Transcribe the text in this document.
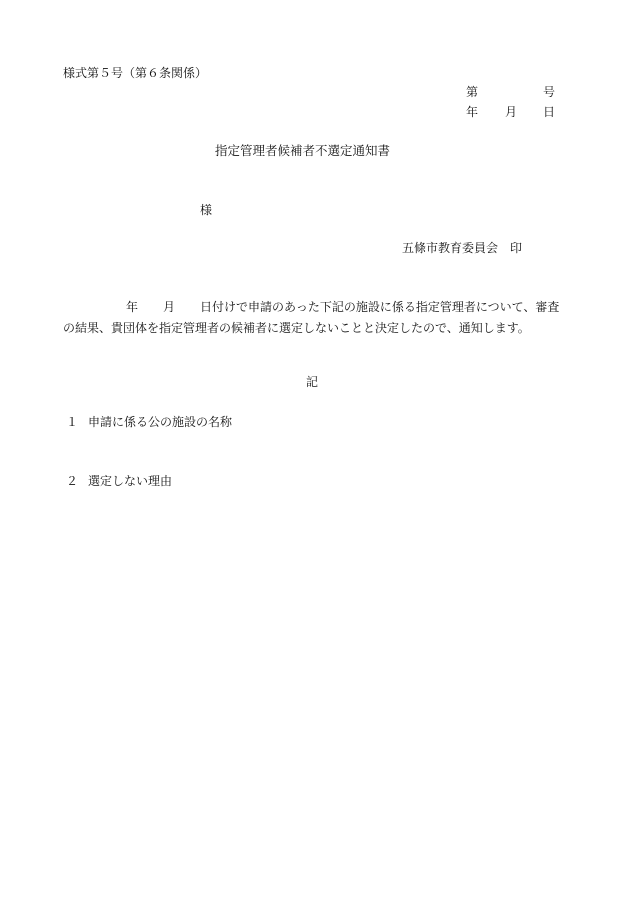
様式第５号（第６条関係）
第	号
年 月 日
指定管理者候補者不選定通知書
様
五條市教育委員会　印
年 月 日付けで申請のあった下記の施設に係る指定管理者について、審査の結果、貴団体を指定管理者の候補者に選定しないことと決定したので、通知します。
記
１ 申請に係る公の施設の名称
２ 選定しない理由
